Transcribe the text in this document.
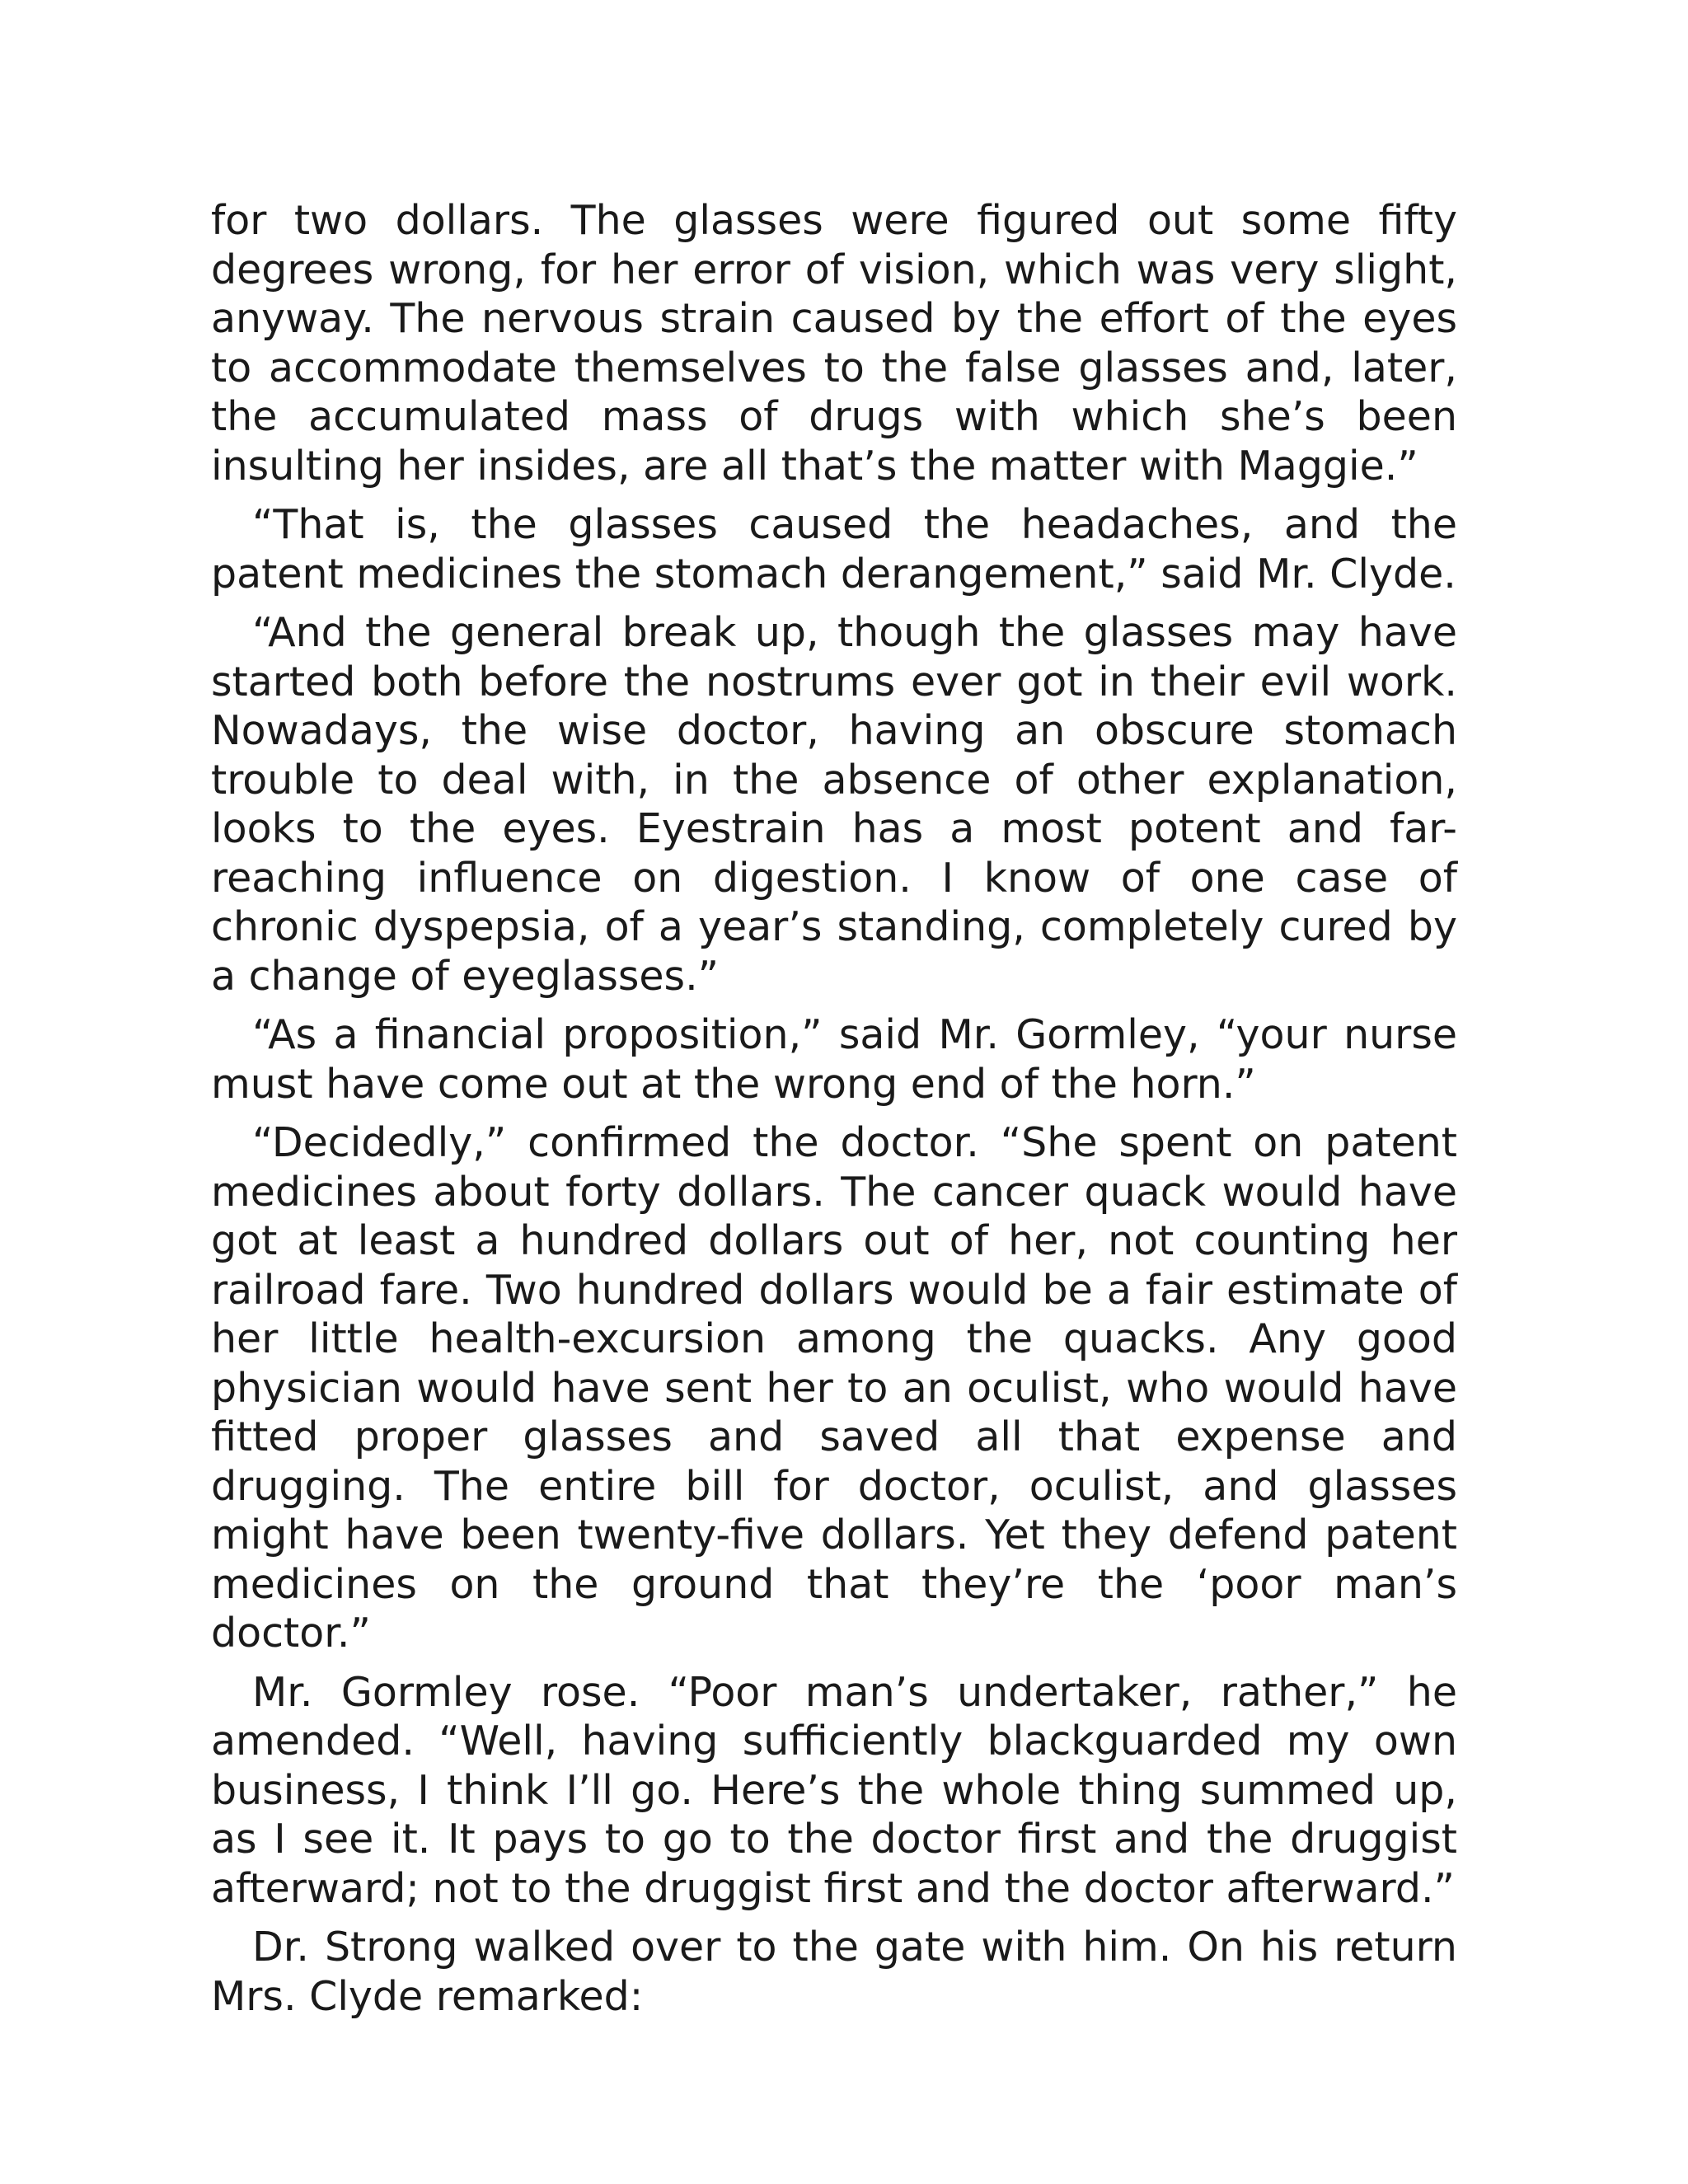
for two dollars. The glasses were figured out some fifty degrees wrong, for her error of vision, which was very slight, anyway. The nervous strain caused by the effort of the eyes to accommodate themselves to the false glasses and, later, the accumulated mass of drugs with which she’s been insulting her insides, are all that’s the matter with Maggie.”

“That is, the glasses caused the headaches, and the patent medicines the stomach derangement,” said Mr. Clyde.

“And the general break up, though the glasses may have started both before the nostrums ever got in their evil work. Nowadays, the wise doctor, having an obscure stomach trouble to deal with, in the absence of other explanation, looks to the eyes. Eyestrain has a most potent and far-reaching influence on digestion. I know of one case of chronic dyspepsia, of a year’s standing, completely cured by a change of eyeglasses.”

“As a financial proposition,” said Mr. Gormley, “your nurse must have come out at the wrong end of the horn.”

“Decidedly,” confirmed the doctor. “She spent on patent medicines about forty dollars. The cancer quack would have got at least a hundred dollars out of her, not counting her railroad fare. Two hundred dollars would be a fair estimate of her little health-excursion among the quacks. Any good physician would have sent her to an oculist, who would have fitted proper glasses and saved all that expense and drugging. The entire bill for doctor, oculist, and glasses might have been twenty-five dollars. Yet they defend patent medicines on the ground that they’re the ‘poor man’s doctor.”

Mr. Gormley rose. “Poor man’s undertaker, rather,” he amended. “Well, having sufficiently blackguarded my own business, I think I’ll go. Here’s the whole thing summed up, as I see it. It pays to go to the doctor first and the druggist afterward; not to the druggist first and the doctor afterward.”

Dr. Strong walked over to the gate with him. On his return Mrs. Clyde remarked:
